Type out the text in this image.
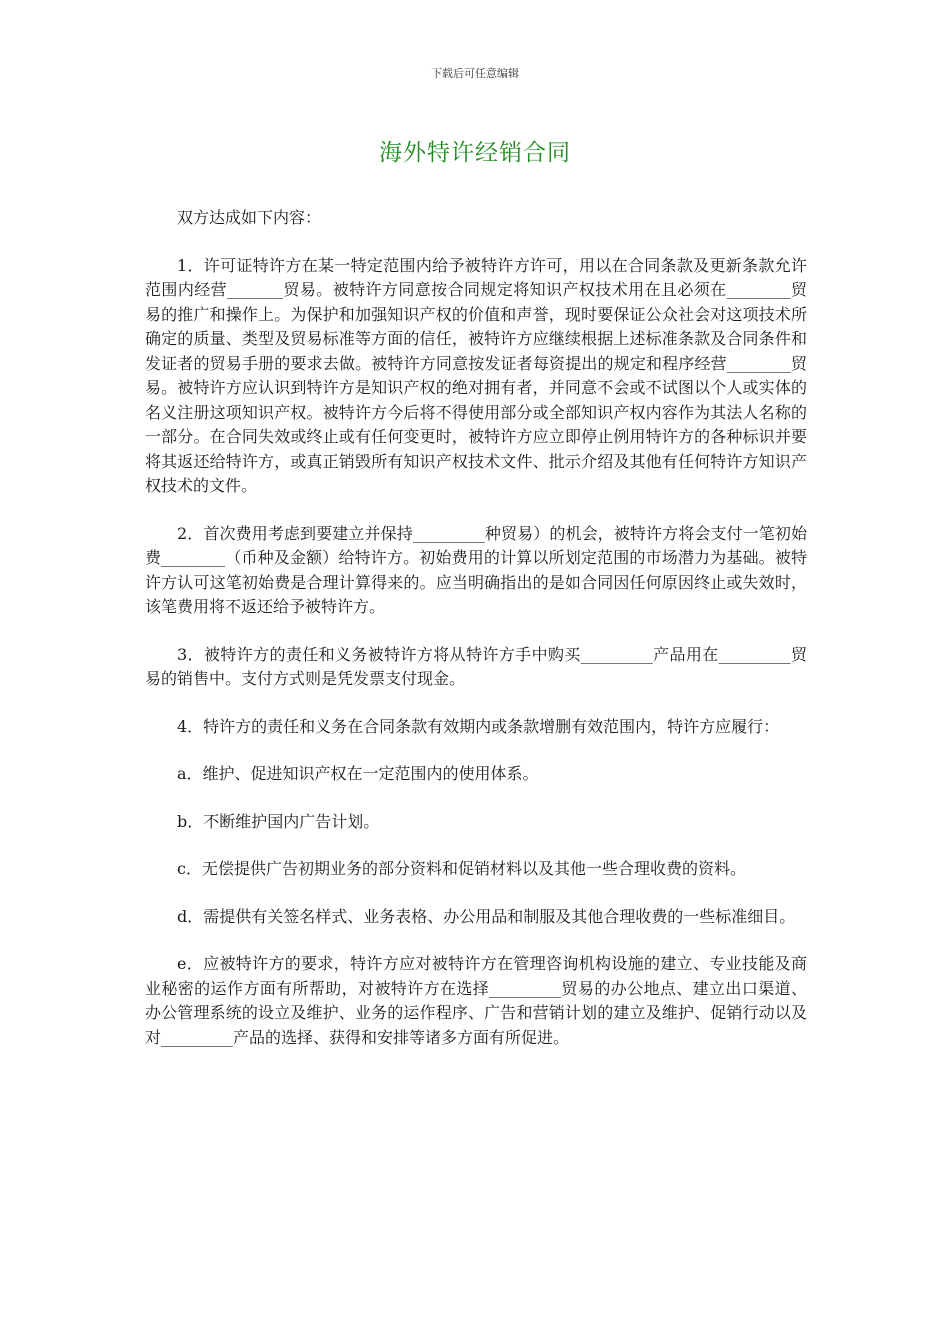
下载后可任意编辑
海外特许经销合同

双方达成如下内容：

1．许可证特许方在某一特定范围内给予被特许方许可，用以在合同条款及更新条款允许范围内经营_______贸易。被特许方同意按合同规定将知识产权技术用在且必须在________贸易的推广和操作上。为保护和加强知识产权的价值和声誉，现时要保证公众社会对这项技术所确定的质量、类型及贸易标准等方面的信任，被特许方应继续根据上述标准条款及合同条件和发证者的贸易手册的要求去做。被特许方同意按发证者每资提出的规定和程序经营________贸易。被特许方应认识到特许方是知识产权的绝对拥有者，并同意不会或不试图以个人或实体的名义注册这项知识产权。被特许方今后将不得使用部分或全部知识产权内容作为其法人名称的一部分。在合同失效或终止或有任何变更时，被特许方应立即停止例用特许方的各种标识并要将其返还给特许方，或真正销毁所有知识产权技术文件、批示介绍及其他有任何特许方知识产权技术的文件。

2．首次费用考虑到要建立并保持_________种贸易）的机会，被特许方将会支付一笔初始费________（币种及金额）给特许方。初始费用的计算以所划定范围的市场潜力为基础。被特许方认可这笔初始费是合理计算得来的。应当明确指出的是如合同因任何原因终止或失效时，该笔费用将不返还给予被特许方。

3．被特许方的责任和义务被特许方将从特许方手中购买_________产品用在_________贸易的销售中。支付方式则是凭发票支付现金。

4．特许方的责任和义务在合同条款有效期内或条款增删有效范围内，特许方应履行：

a．维护、促进知识产权在一定范围内的使用体系。

b．不断维护国内广告计划。

c．无偿提供广告初期业务的部分资料和促销材料以及其他一些合理收费的资料。

d．需提供有关签名样式、业务表格、办公用品和制服及其他合理收费的一些标准细目。

e．应被特许方的要求，特许方应对被特许方在管理咨询机构设施的建立、专业技能及商业秘密的运作方面有所帮助，对被特许方在选择_________贸易的办公地点、建立出口渠道、办公管理系统的设立及维护、业务的运作程序、广告和营销计划的建立及维护、促销行动以及对_________产品的选择、获得和安排等诸多方面有所促进。
